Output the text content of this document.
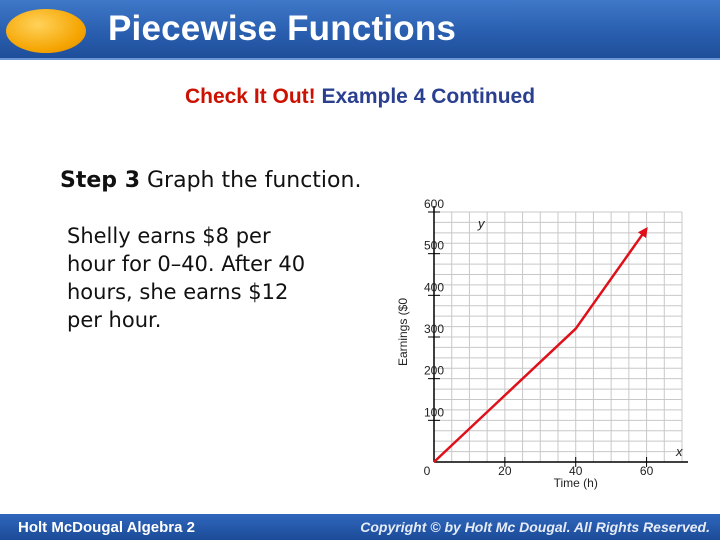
Piecewise Functions
Check It Out! Example 4 Continued
Step 3 Graph the function.
Shelly earns $8 per
hour for 0–40. After 40
hours, she earns $12
per hour.
100
200
300
400
500
600
0	20	40	60
y
x
Time (h)
Earnings ($0
Holt McDougal Algebra 2	Copyright © by Holt Mc Dougal. All Rights Reserved.
